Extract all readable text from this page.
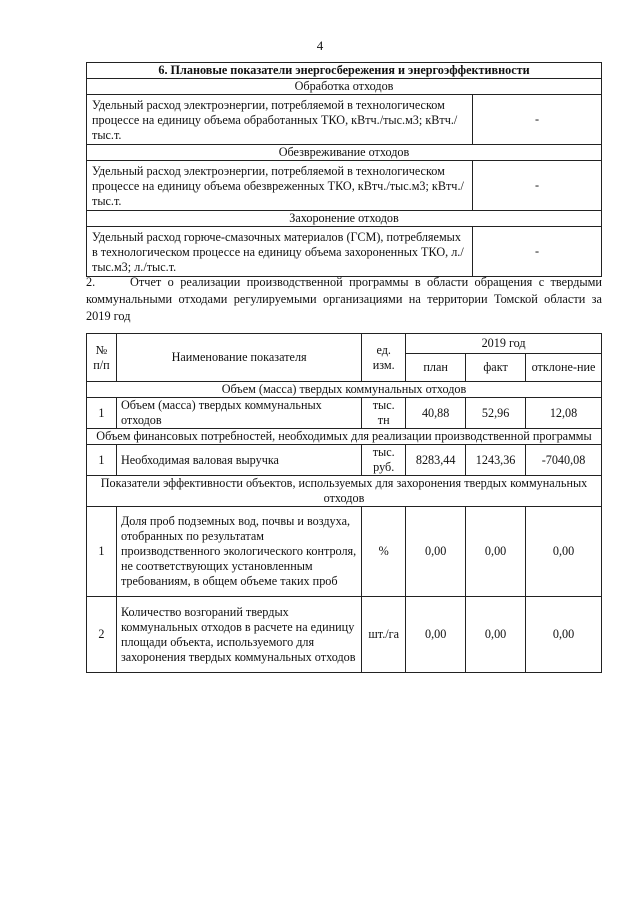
4
6. Плановые показатели энергосбережения и энергоэффективности	
Обработка отходов	
Удельный расход электроэнергии, потребляемой в технологическом процессе на единицу объема обработанных ТКО, кВтч./тыс.м3; кВтч./тыс.т.	-
Обезвреживание отходов	
Удельный расход электроэнергии, потребляемой в технологическом процессе на единицу объема обезвреженных ТКО, кВтч./тыс.м3; кВтч./тыс.т.	-
Захоронение отходов	
Удельный расход горюче-смазочных материалов (ГСМ), потребляемых в технологическом процессе на единицу объема захороненных ТКО, л./тыс.м3; л./тыс.т.	-
2.	Отчет о реализации производственной программы в области обращения с твердыми коммунальными отходами регулируемыми организациями на территории Томской области за 2019 год
№ п/п	Наименование показателя	ед. изм.	2019 год		
			план	факт	отклоне-ние
Объем (масса) твердых коммунальных отходов					
1	Объем (масса) твердых коммунальных отходов	тыс. тн	40,88	52,96	12,08
Объем финансовых потребностей, необходимых для реализации производственной программы					
1	Необходимая валовая выручка	тыс. руб.	8283,44	1243,36	-7040,08
Показатели эффективности объектов, используемых для захоронения твердых коммунальных отходов					
1	Доля проб подземных вод, почвы и воздуха, отобранных по результатам производственного экологического контроля, не соответствующих установленным требованиям, в общем объеме таких проб	%	0,00	0,00	0,00
2	Количество возгораний твердых коммунальных отходов в расчете на единицу площади объекта, используемого для захоронения твердых коммунальных отходов	шт./га	0,00	0,00	0,00
